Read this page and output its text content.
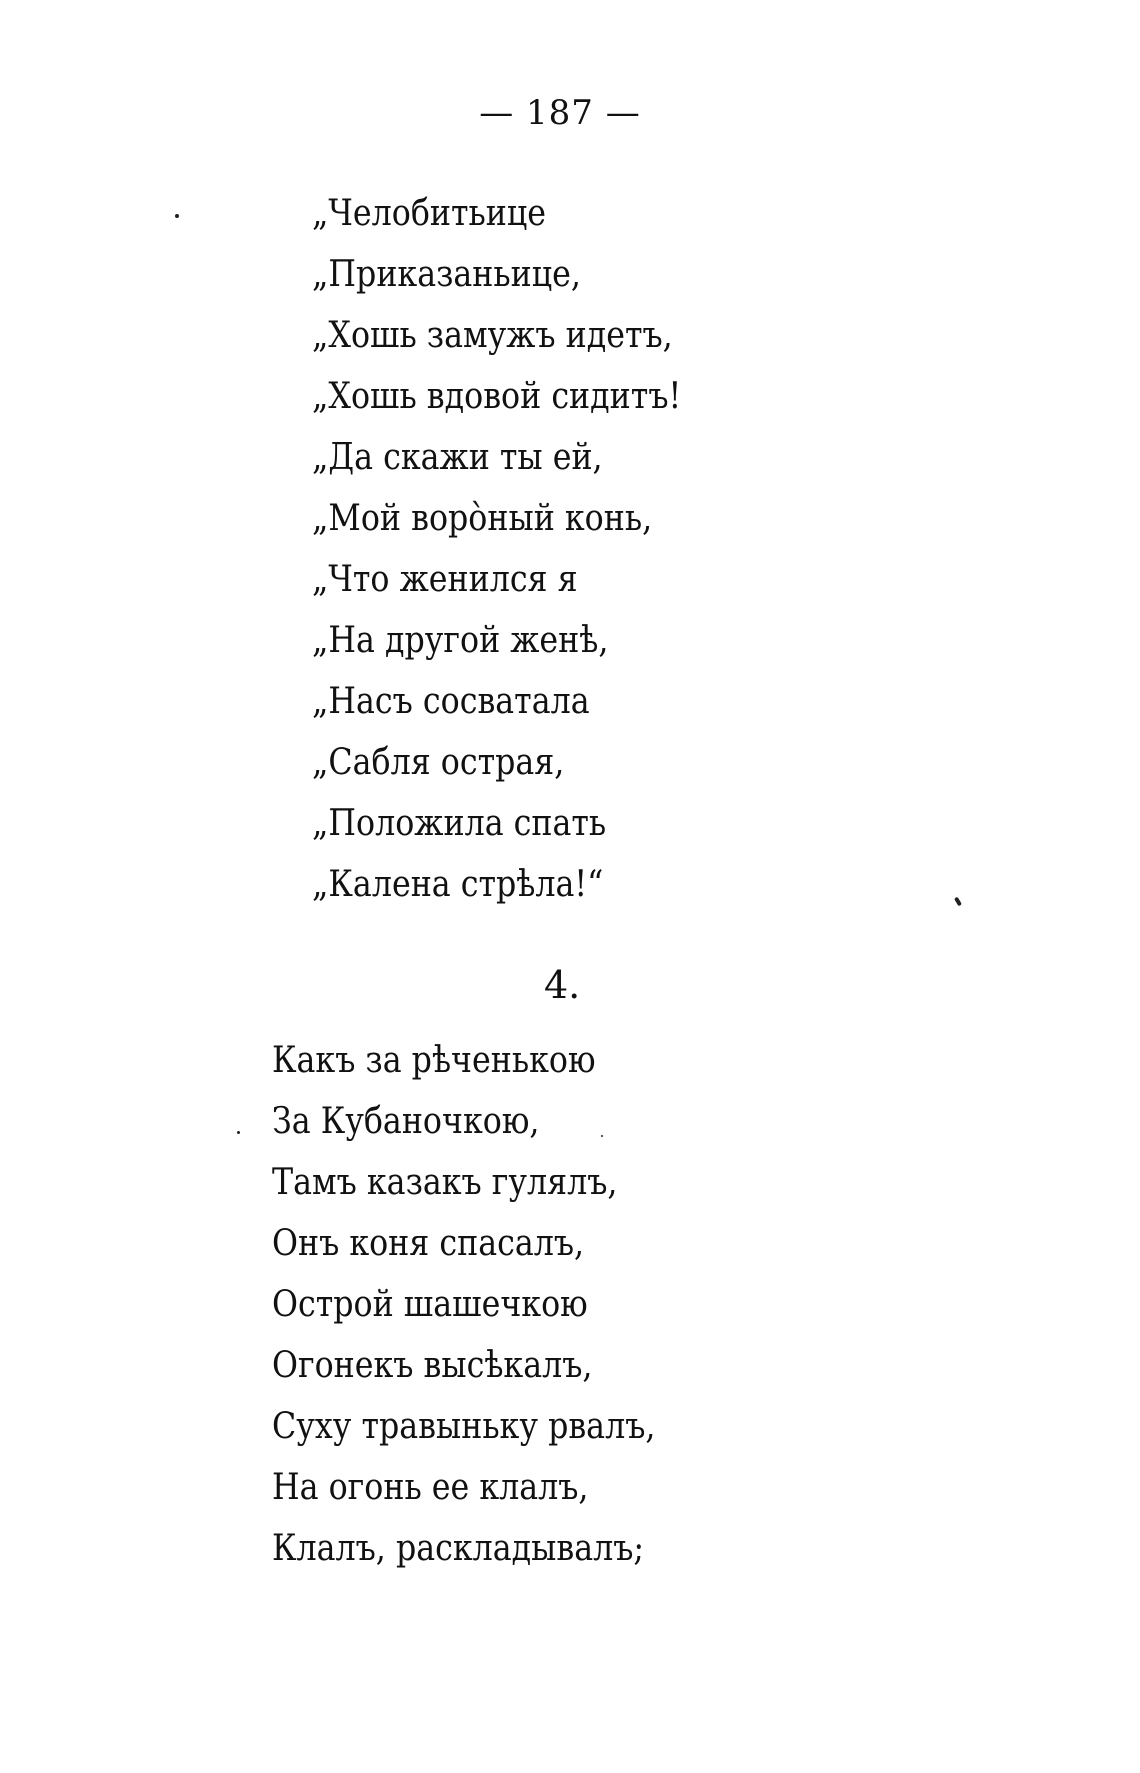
— 187 —
„Челобитьице
„Приказаньице,
„Хошь замужъ идетъ,
„Хошь вдовой сидитъ!
„Да скажи ты ей,
„Мой воро̀ный конь,
„Что женился я
„На другой женѣ,
„Насъ сосватала
„Сабля острая,
„Положила спать
„Калена стрѣла!“
4.
Какъ за рѣченькою
За Кубаночкою,
Тамъ казакъ гулялъ,
Онъ коня спасалъ,
Острой шашечкою
Огонекъ высѣкалъ,
Суху травыньку рвалъ,
На огонь ее клалъ,
Клалъ, раскладывалъ;
